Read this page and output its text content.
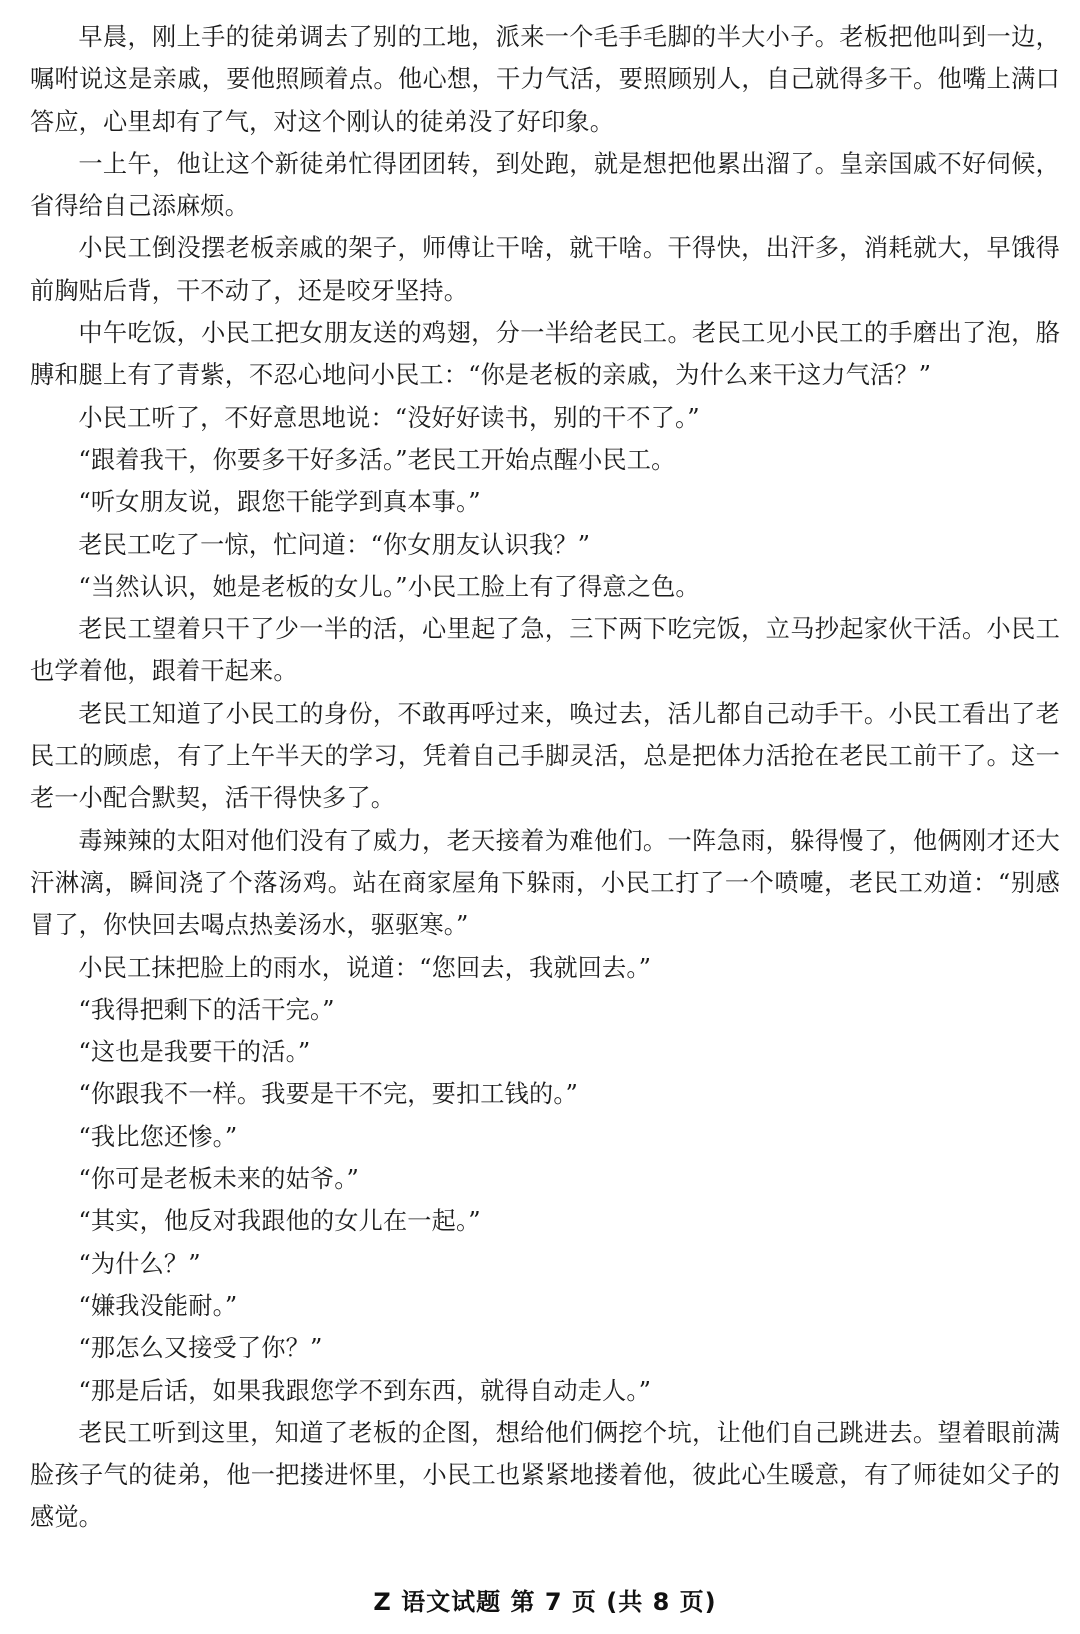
早晨，刚上手的徒弟调去了别的工地，派来一个毛手毛脚的半大小子。老板把他叫到一边，嘱咐说这是亲戚，要他照顾着点。他心想，干力气活，要照顾别人，自己就得多干。他嘴上满口答应，心里却有了气，对这个刚认的徒弟没了好印象。

一上午，他让这个新徒弟忙得团团转，到处跑，就是想把他累出溜了。皇亲国戚不好伺候，省得给自己添麻烦。

小民工倒没摆老板亲戚的架子，师傅让干啥，就干啥。干得快，出汗多，消耗就大，早饿得前胸贴后背，干不动了，还是咬牙坚持。

中午吃饭，小民工把女朋友送的鸡翅，分一半给老民工。老民工见小民工的手磨出了泡，胳膊和腿上有了青紫，不忍心地问小民工：“你是老板的亲戚，为什么来干这力气活？”

小民工听了，不好意思地说：“没好好读书，别的干不了。”

“跟着我干，你要多干好多活。”老民工开始点醒小民工。

“听女朋友说，跟您干能学到真本事。”

老民工吃了一惊，忙问道：“你女朋友认识我？”

“当然认识，她是老板的女儿。”小民工脸上有了得意之色。

老民工望着只干了少一半的活，心里起了急，三下两下吃完饭，立马抄起家伙干活。小民工也学着他，跟着干起来。

老民工知道了小民工的身份，不敢再呼过来，唤过去，活儿都自己动手干。小民工看出了老民工的顾虑，有了上午半天的学习，凭着自己手脚灵活，总是把体力活抢在老民工前干了。这一老一小配合默契，活干得快多了。

毒辣辣的太阳对他们没有了威力，老天接着为难他们。一阵急雨，躲得慢了，他俩刚才还大汗淋漓，瞬间浇了个落汤鸡。站在商家屋角下躲雨，小民工打了一个喷嚏，老民工劝道：“别感冒了，你快回去喝点热姜汤水，驱驱寒。”

小民工抹把脸上的雨水，说道：“您回去，我就回去。”

“我得把剩下的活干完。”

“这也是我要干的活。”

“你跟我不一样。我要是干不完，要扣工钱的。”

“我比您还惨。”

“你可是老板未来的姑爷。”

“其实，他反对我跟他的女儿在一起。”

“为什么？”

“嫌我没能耐。”

“那怎么又接受了你？”

“那是后话，如果我跟您学不到东西，就得自动走人。”

老民工听到这里，知道了老板的企图，想给他们俩挖个坑，让他们自己跳进去。望着眼前满脸孩子气的徒弟，他一把搂进怀里，小民工也紧紧地搂着他，彼此心生暖意，有了师徒如父子的感觉。

Z 语文试题 第 7 页 (共 8 页)
